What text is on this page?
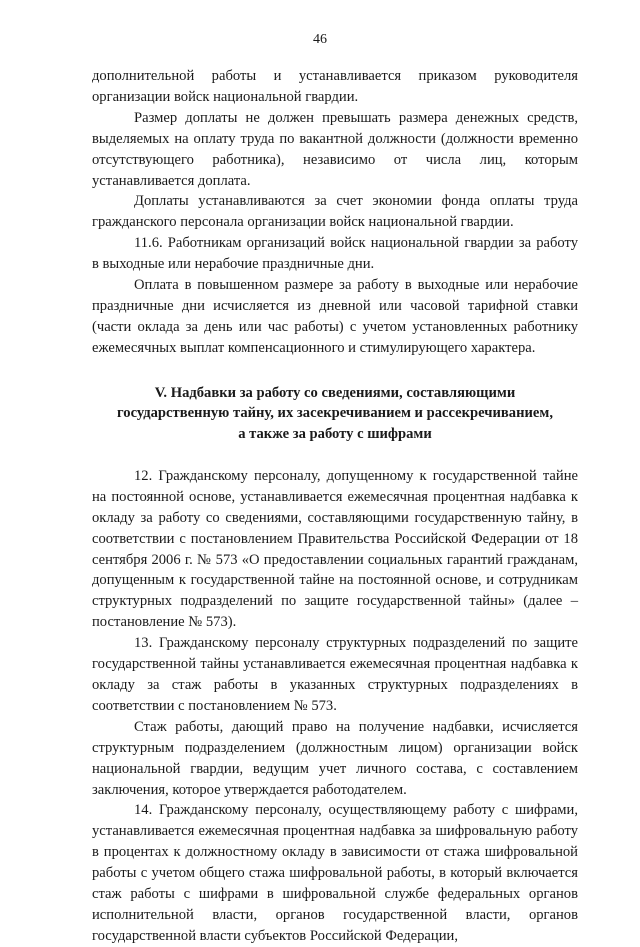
46

дополнительной работы и устанавливается приказом руководителя организации войск национальной гвардии.

Размер доплаты не должен превышать размера денежных средств, выделяемых на оплату труда по вакантной должности (должности временно отсутствующего работника), независимо от числа лиц, которым устанавливается доплата.

Доплаты устанавливаются за счет экономии фонда оплаты труда гражданского персонала организации войск национальной гвардии.

11.6. Работникам организаций войск национальной гвардии за работу в выходные или нерабочие праздничные дни.

Оплата в повышенном размере за работу в выходные или нерабочие праздничные дни исчисляется из дневной или часовой тарифной ставки (части оклада за день или час работы) с учетом установленных работнику ежемесячных выплат компенсационного и стимулирующего характера.

V. Надбавки за работу со сведениями, составляющими
государственную тайну, их засекречиванием и рассекречиванием,
а также за работу с шифрами

12. Гражданскому персоналу, допущенному к государственной тайне на постоянной основе, устанавливается ежемесячная процентная надбавка к окладу за работу со сведениями, составляющими государственную тайну, в соответствии с постановлением Правительства Российской Федерации от 18 сентября 2006 г. № 573 «О предоставлении социальных гарантий гражданам, допущенным к государственной тайне на постоянной основе, и сотрудникам структурных подразделений по защите государственной тайны» (далее – постановление № 573).

13. Гражданскому персоналу структурных подразделений по защите государственной тайны устанавливается ежемесячная процентная надбавка к окладу за стаж работы в указанных структурных подразделениях в соответствии с постановлением № 573.

Стаж работы, дающий право на получение надбавки, исчисляется структурным подразделением (должностным лицом) организации войск национальной гвардии, ведущим учет личного состава, с составлением заключения, которое утверждается работодателем.

14. Гражданскому персоналу, осуществляющему работу с шифрами, устанавливается ежемесячная процентная надбавка за шифровальную работу в процентах к должностному окладу в зависимости от стажа шифровальной работы с учетом общего стажа шифровальной работы, в который включается стаж работы с шифрами в шифровальной службе федеральных органов исполнительной власти, органов государственной власти, органов государственной власти субъектов Российской Федерации,
